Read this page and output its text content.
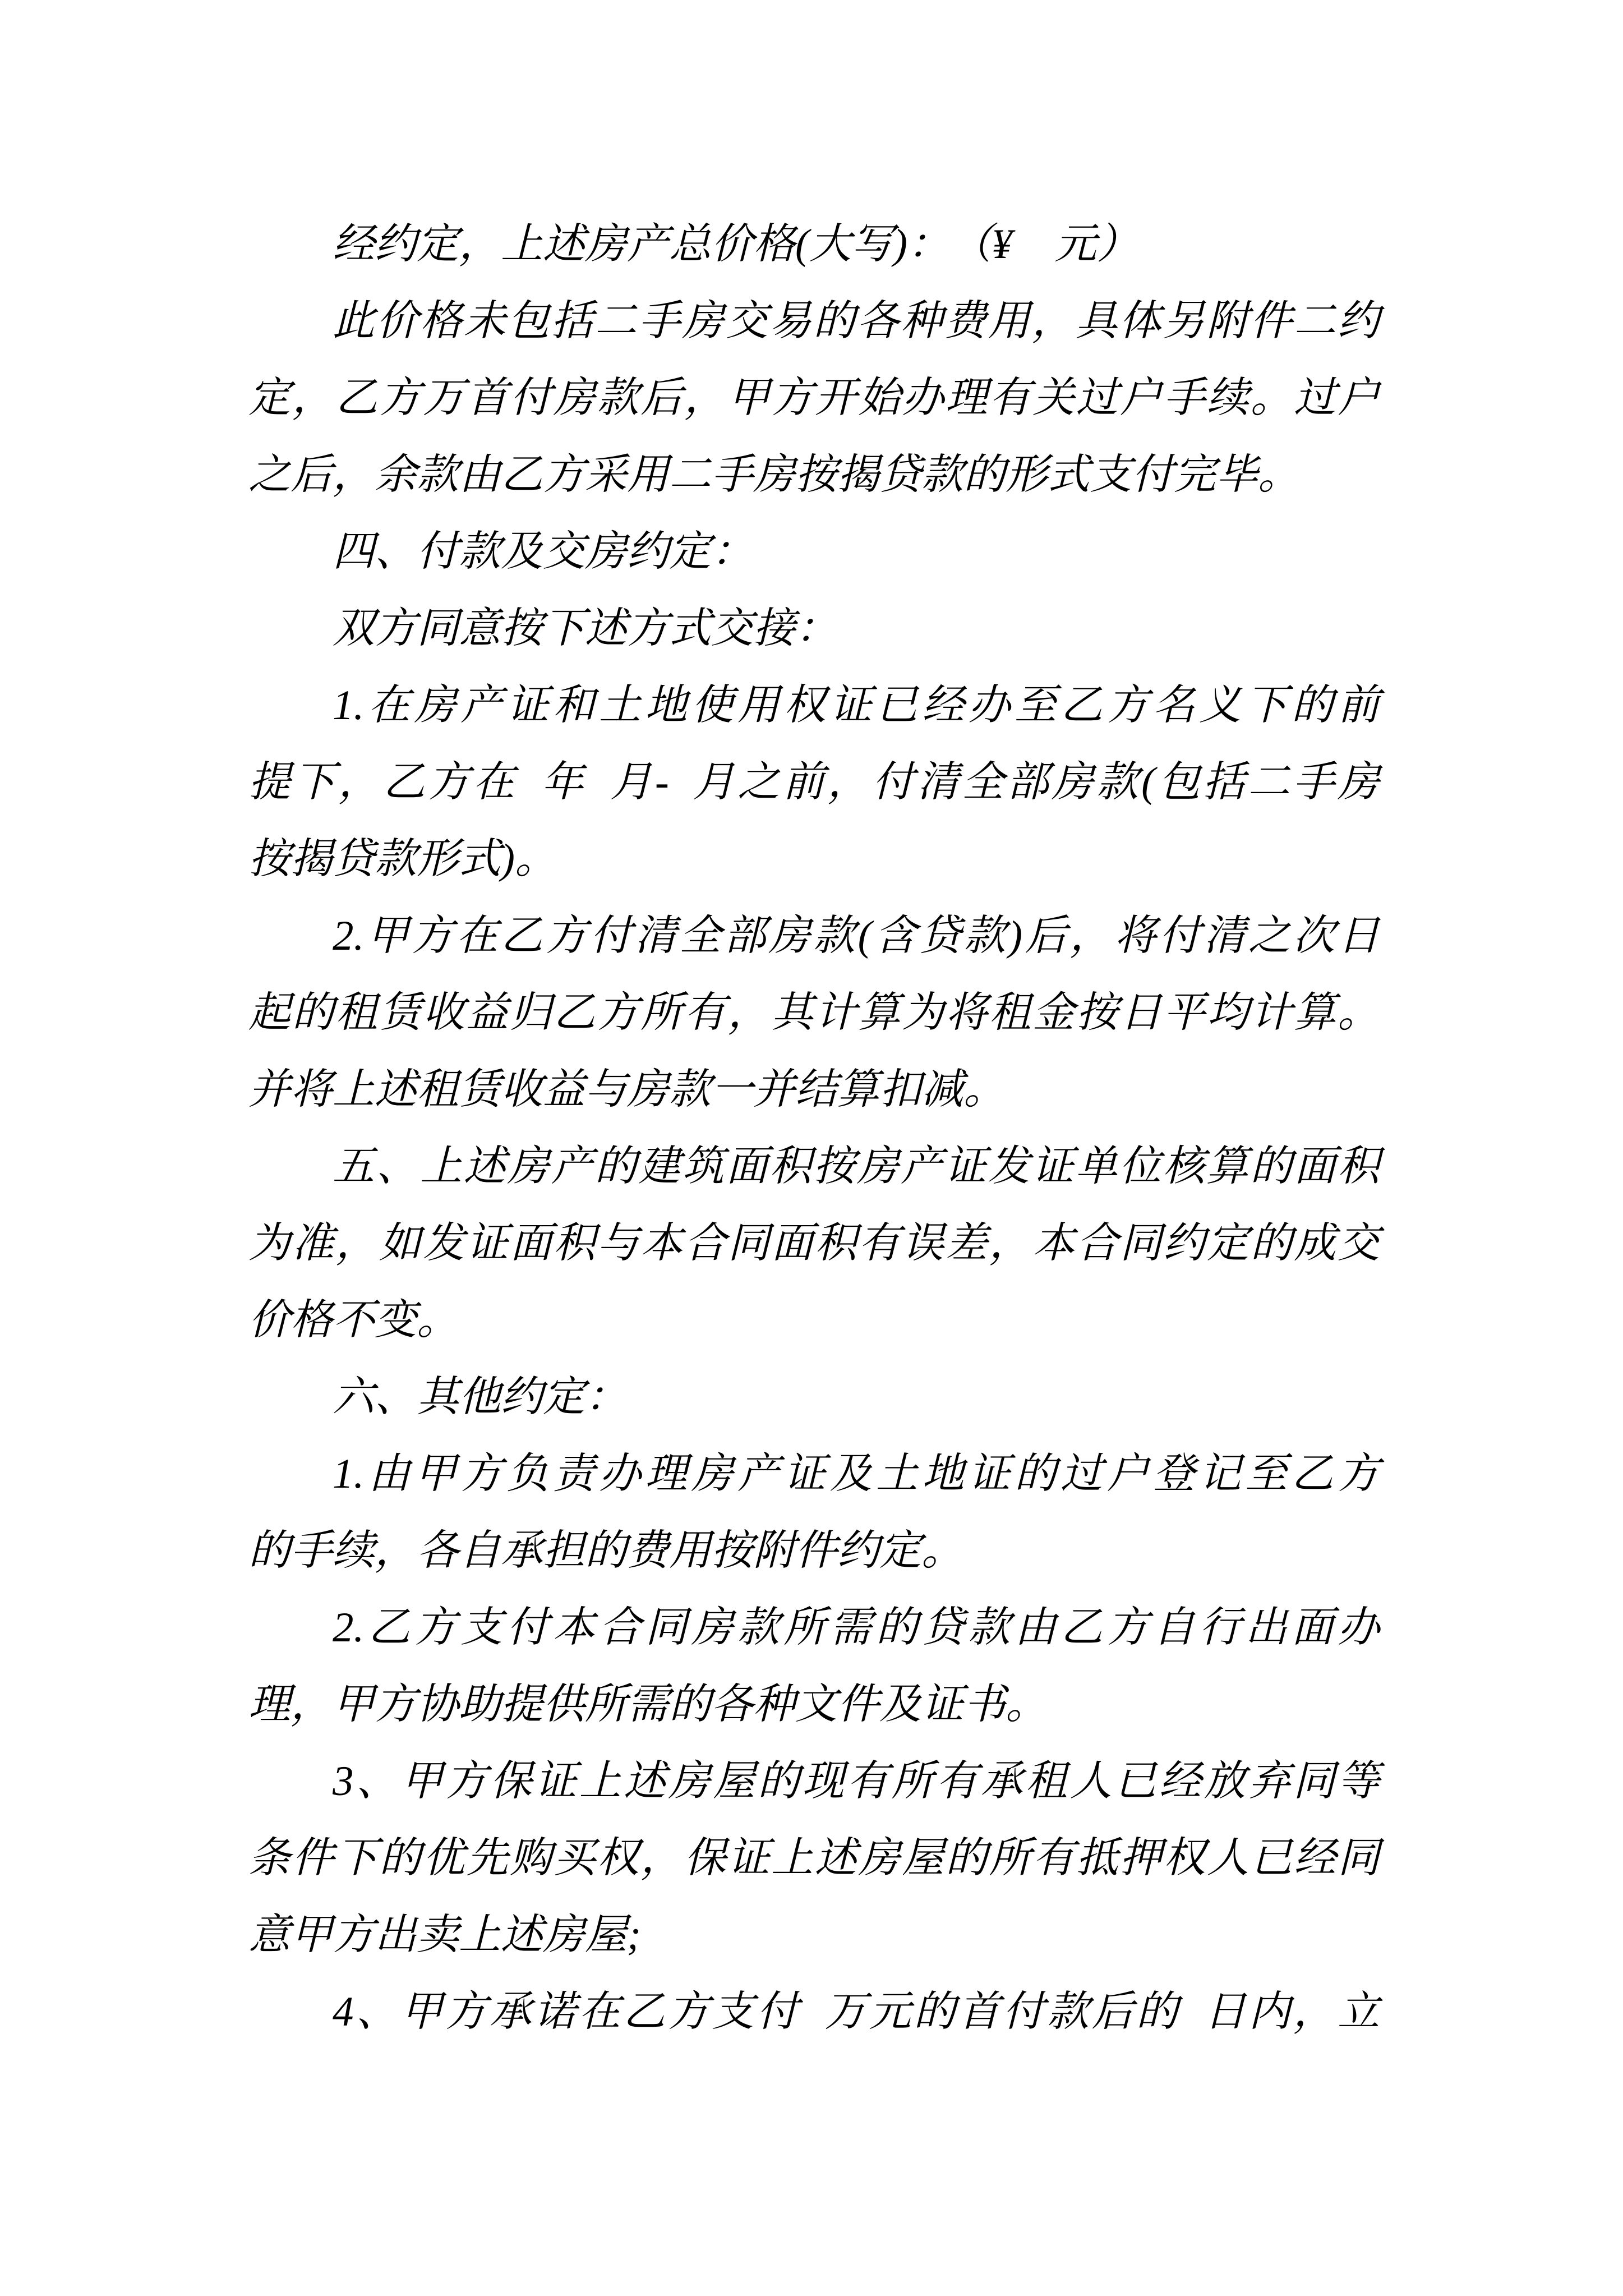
经约定，上述房产总价格(大写)：　（¥ 元）
此价格未包括二手房交易的各种费用，具体另附件二约
定，乙方万首付房款后，甲方开始办理有关过户手续。过户
之后，余款由乙方采用二手房按揭贷款的形式支付完毕。
四、付款及交房约定：
双方同意按下述方式交接：
1.在房产证和土地使用权证已经办至乙方名义下的前
提下，乙方在 年 月- 月之前，付清全部房款(包括二手房
按揭贷款形式)。
2.甲方在乙方付清全部房款(含贷款)后，将付清之次日
起的租赁收益归乙方所有，其计算为将租金按日平均计算。
并将上述租赁收益与房款一并结算扣减。
五、上述房产的建筑面积按房产证发证单位核算的面积
为准，如发证面积与本合同面积有误差，本合同约定的成交
价格不变。
六、其他约定：
1.由甲方负责办理房产证及土地证的过户登记至乙方
的手续，各自承担的费用按附件约定。
2.乙方支付本合同房款所需的贷款由乙方自行出面办
理，甲方协助提供所需的各种文件及证书。
3、甲方保证上述房屋的现有所有承租人已经放弃同等
条件下的优先购买权，保证上述房屋的所有抵押权人已经同
意甲方出卖上述房屋;
4、甲方承诺在乙方支付 万元的首付款后的 日内，立
